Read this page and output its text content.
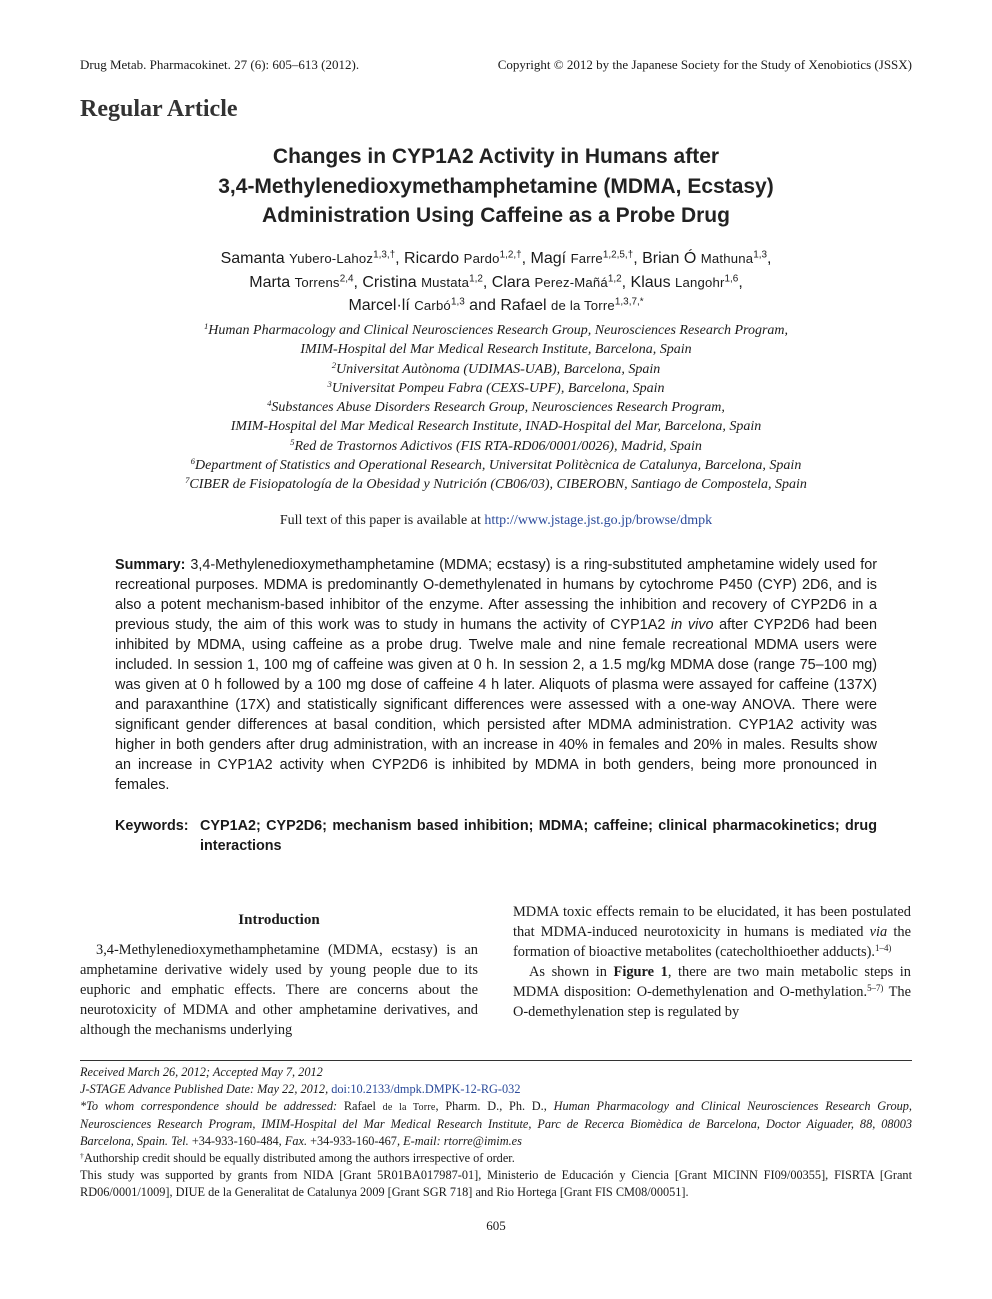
Drug Metab. Pharmacokinet. 27 (6): 605–613 (2012).	Copyright © 2012 by the Japanese Society for the Study of Xenobiotics (JSSX)
Regular Article
Changes in CYP1A2 Activity in Humans after
3,4-Methylenedioxymethamphetamine (MDMA, Ecstasy)
Administration Using Caffeine as a Probe Drug
Samanta Yubero-Lahoz$^{1,3,\dagger}$, Ricardo Pardo$^{1,2,\dagger}$, Magí Farre$^{1,2,5,\dagger}$, Brian Ó Mathuna$^{1,3}$,
Marta Torrens$^{2,4}$, Cristina Mustata$^{1,2}$, Clara Perez-Mañá$^{1,2}$, Klaus Langohr$^{1,6}$,
Marcel·lí Carbó$^{1,3}$ and Rafael de la Torre$^{1,3,7,*}$
$^1$Human Pharmacology and Clinical Neurosciences Research Group, Neurosciences Research Program,
IMIM-Hospital del Mar Medical Research Institute, Barcelona, Spain
$^2$Universitat Autònoma (UDIMAS-UAB), Barcelona, Spain
$^3$Universitat Pompeu Fabra (CEXS-UPF), Barcelona, Spain
$^4$Substances Abuse Disorders Research Group, Neurosciences Research Program,
IMIM-Hospital del Mar Medical Research Institute, INAD-Hospital del Mar, Barcelona, Spain
$^5$Red de Trastornos Adictivos (FIS RTA-RD06/0001/0026), Madrid, Spain
$^6$Department of Statistics and Operational Research, Universitat Politècnica de Catalunya, Barcelona, Spain
$^7$CIBER de Fisiopatología de la Obesidad y Nutrición (CB06/03), CIBEROBN, Santiago de Compostela, Spain
Full text of this paper is available at http://www.jstage.jst.go.jp/browse/dmpk
Summary: 3,4-Methylenedioxymethamphetamine (MDMA; ecstasy) is a ring-substituted amphetamine widely used for recreational purposes. MDMA is predominantly O-demethylenated in humans by cytochrome P450 (CYP) 2D6, and is also a potent mechanism-based inhibitor of the enzyme. After assessing the inhibition and recovery of CYP2D6 in a previous study, the aim of this work was to study in humans the activity of CYP1A2 in vivo after CYP2D6 had been inhibited by MDMA, using caffeine as a probe drug. Twelve male and nine female recreational MDMA users were included. In session 1, 100 mg of caffeine was given at 0 h. In session 2, a 1.5 mg/kg MDMA dose (range 75–100 mg) was given at 0 h followed by a 100 mg dose of caffeine 4 h later. Aliquots of plasma were assayed for caffeine (137X) and paraxanthine (17X) and statistically significant differences were assessed with a one-way ANOVA. There were significant gender differences at basal condition, which persisted after MDMA administration. CYP1A2 activity was higher in both genders after drug administration, with an increase in 40% in females and 20% in males. Results show an increase in CYP1A2 activity when CYP2D6 is inhibited by MDMA in both genders, being more pronounced in females.
Keywords: CYP1A2; CYP2D6; mechanism based inhibition; MDMA; caffeine; clinical pharmacokinetics; drug interactions
Introduction

3,4-Methylenedioxymethamphetamine (MDMA, ecstasy) is an amphetamine derivative widely used by young people due to its euphoric and emphatic effects. There are concerns about the neurotoxicity of MDMA and other amphetamine derivatives, and although the mechanisms underlying

MDMA toxic effects remain to be elucidated, it has been postulated that MDMA-induced neurotoxicity in humans is mediated via the formation of bioactive metabolites (catecholthioether adducts).$^{1-4)}$

As shown in Figure 1, there are two main metabolic steps in MDMA disposition: O-demethylenation and O-methylation.$^{5-7)}$ The O-demethylenation step is regulated by

Received March 26, 2012; Accepted May 7, 2012
J-STAGE Advance Published Date: May 22, 2012, doi:10.2133/dmpk.DMPK-12-RG-032
*To whom correspondence should be addressed: Rafael de la Torre, Pharm. D., Ph. D., Human Pharmacology and Clinical Neurosciences Research Group, Neurosciences Research Program, IMIM-Hospital del Mar Medical Research Institute, Parc de Recerca Biomèdica de Barcelona, Doctor Aiguader, 88, 08003 Barcelona, Spain. Tel. +34-933-160-484, Fax. +34-933-160-467, E-mail: rtorre@imim.es
†Authorship credit should be equally distributed among the authors irrespective of order.
This study was supported by grants from NIDA [Grant 5R01BA017987-01], Ministerio de Educación y Ciencia [Grant MICINN FI09/00355], FISRTA [Grant RD06/0001/1009], DIUE de la Generalitat de Catalunya 2009 [Grant SGR 718] and Rio Hortega [Grant FIS CM08/00051].
605
